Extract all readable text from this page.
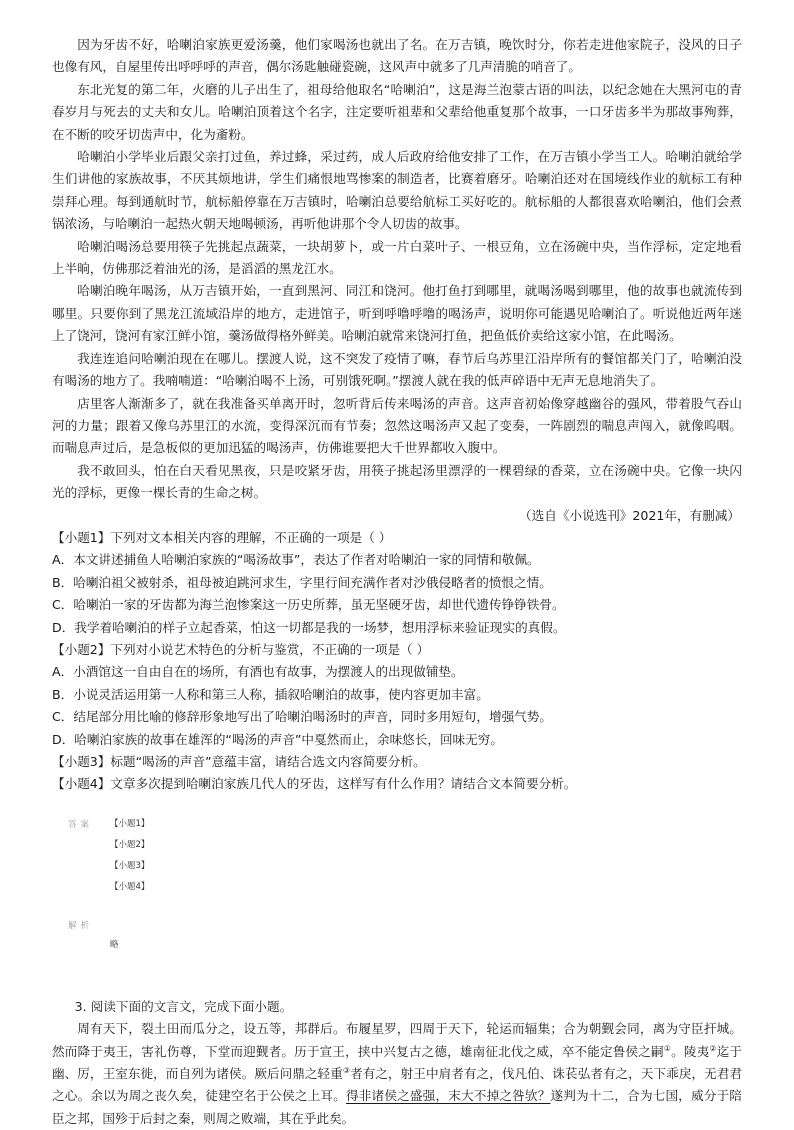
因为牙齿不好，哈喇泊家族更爱汤羹，他们家喝汤也就出了名。在万吉镇，晚饮时分，你若走进他家院子，没风的日子也像有风，自屋里传出呼呼呼的声音，偶尔汤匙触碰瓷碗，这风声中就多了几声清脆的哨音了。

东北光复的第二年，火磨的儿子出生了，祖母给他取名“哈喇泊”，这是海兰泡蒙古语的叫法，以纪念她在大黑河屯的青春岁月与死去的丈夫和女儿。哈喇泊顶着这个名字，注定要听祖辈和父辈给他重复那个故事，一口牙齿多半为那故事殉葬，在不断的咬牙切齿声中，化为齑粉。

哈喇泊小学毕业后跟父亲打过鱼，养过蜂，采过药，成人后政府给他安排了工作，在万吉镇小学当工人。哈喇泊就给学生们讲他的家族故事，不厌其烦地讲，学生们痛恨地骂惨案的制造者，比赛着磨牙。哈喇泊还对在国境线作业的航标工有种崇拜心理。每到通航时节，航标船停靠在万吉镇时，哈喇泊总要给航标工买好吃的。航标船的人都很喜欢哈喇泊，他们会煮锅浓汤，与哈喇泊一起热火朝天地喝顿汤，再听他讲那个令人切齿的故事。

哈喇泊喝汤总要用筷子先挑起点蔬菜，一块胡萝卜，或一片白菜叶子、一根豆角，立在汤碗中央，当作浮标，定定地看上半晌，仿佛那泛着油光的汤，是滔滔的黑龙江水。

哈喇泊晚年喝汤，从万吉镇开始，一直到黑河、同江和饶河。他打鱼打到哪里，就喝汤喝到哪里，他的故事也就流传到哪里。只要你到了黑龙江流域沿岸的地方，走进馆子，听到呼噜呼噜的喝汤声，说明你可能遇见哈喇泊了。听说他近两年迷上了饶河，饶河有家江鲜小馆，羹汤做得格外鲜美。哈喇泊就常来饶河打鱼，把鱼低价卖给这家小馆，在此喝汤。

我连连追问哈喇泊现在在哪儿。摆渡人说，这不突发了疫情了嘛，春节后乌苏里江沿岸所有的餐馆都关门了，哈喇泊没有喝汤的地方了。我喃喃道：“哈喇泊喝不上汤，可别饿死啊。”摆渡人就在我的低声碎语中无声无息地消失了。

店里客人渐渐多了，就在我准备买单离开时，忽听背后传来喝汤的声音。这声音初始像穿越幽谷的强风，带着股气吞山河的力量；跟着又像乌苏里江的水流，变得深沉而有节奏；忽然这喝汤声又起了变奏，一阵剧烈的喘息声闯入，就像呜咽。而喘息声过后，是急板似的更加迅猛的喝汤声，仿佛谁要把大千世界都收入腹中。

我不敢回头，怕在白天看见黑夜，只是咬紧牙齿，用筷子挑起汤里漂浮的一棵碧绿的香菜，立在汤碗中央。它像一块闪光的浮标，更像一棵长青的生命之树。

（选自《小说选刊》2021年，有删减）

【小题1】下列对文本相关内容的理解，不正确的一项是（ ）

A．本文讲述捕鱼人哈喇泊家族的“喝汤故事”，表达了作者对哈喇泊一家的同情和敬佩。

B．哈喇泊祖父被射杀，祖母被迫跳河求生，字里行间充满作者对沙俄侵略者的愤恨之情。

C．哈喇泊一家的牙齿都为海兰泡惨案这一历史所葬，虽无坚硬牙齿，却世代遗传铮铮铁骨。

D．我学着哈喇泊的样子立起香菜，怕这一切都是我的一场梦，想用浮标来验证现实的真假。

【小题2】下列对小说艺术特色的分析与鉴赏，不正确的一项是（ ）

A．小酒馆这一自由自在的场所，有酒也有故事，为摆渡人的出现做铺垫。

B．小说灵活运用第一人称和第三人称，插叙哈喇泊的故事，使内容更加丰富。

C．结尾部分用比喻的修辞形象地写出了哈喇泊喝汤时的声音，同时多用短句，增强气势。

D．哈喇泊家族的故事在雄浑的“喝汤的声音”中戛然而止，余味悠长，回味无穷。

【小题3】标题“喝汤的声音”意蕴丰富，请结合选文内容简要分析。

【小题4】文章多次提到哈喇泊家族几代人的牙齿，这样写有什么作用？请结合文本简要分析。

答案 【小题1】
【小题2】
【小题3】
【小题4】
解析
略

3. 阅读下面的文言文，完成下面小题。

周有天下，裂土田而瓜分之，设五等，邦群后。布履星罗，四周于天下，轮运而辐集；合为朝觐会同，离为守臣扞城。然而降于夷王，害礼伤尊，下堂而迎觐者。历于宣王，挟中兴复古之德，雄南征北伐之威，卒不能定鲁侯之嗣①。陵夷②迄于幽、厉，王室东徙，而自列为诸侯。厥后问鼎之轻重③者有之，射王中肩者有之，伐凡伯、诛苌弘者有之，天下乖戾，无君君之心。余以为周之丧久矣，徒建空名于公侯之上耳。得非诸侯之盛强，末大不掉之咎欤？遂判为十二，合为七国，威分于陪臣之邦，国殄于后封之秦，则周之败端，其在乎此矣。
